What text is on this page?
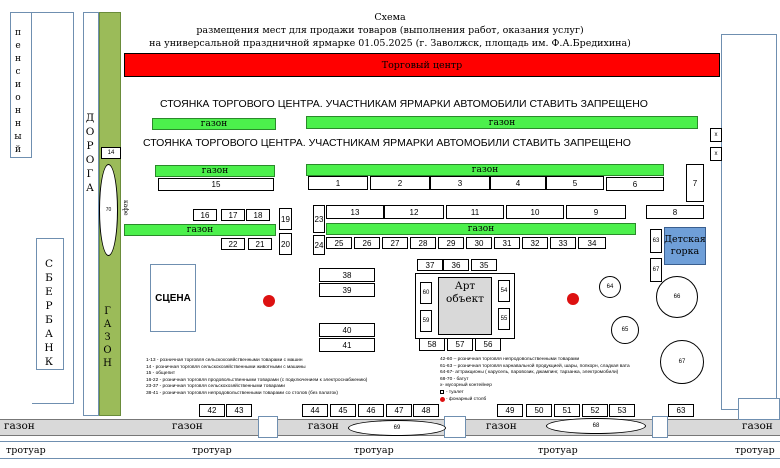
Схема
размещения мест для продажи товаров (выполнения работ, оказания услуг)
на универсальной праздничной ярмарке 01.05.2025 (г. Заволжск, площадь им. Ф.А.Бредихина)
пенсионный
СБЕРБАНК
ДОРОГА
ГАЗОН
70
14
кафе
х
х
Торговый центр
СТОЯНКА ТОРГОВОГО ЦЕНТРА. УЧАСТНИКАМ ЯРМАРКИ АВТОМОБИЛИ СТАВИТЬ ЗАПРЕЩЕНО
газон	газон
СТОЯНКА ТОРГОВОГО ЦЕНТРА. УЧАСТНИКАМ ЯРМАРКИ АВТОМОБИЛИ СТАВИТЬ ЗАПРЕЩЕНО
газон	газон
15	1	2	3	4	5	6	7
16 17 18 19	23
13	12	11	10	9	8
газон	газон
22 21 20	24 25 26 27 28 29 30 31 32 33	34	63 Детская горка
67
СЦЕНА
37 36 35
38
39	60
59
Арт объект
54
55
40
41	58 57 56
64
66
65
67
1-13 - розничная торговля сельскохозяйственными товарами с машин
14 - розничная торговля сельскохозяйственными животными с машины
15 - общепит
16-22 - розничная торговля продовольственными товарами (с подключением к электроснабжению)
23-37 - розничная торговля сельскохозяйственными товарами
38-41 - розничная торговля непродовольственными товарами со столов (без палаток)
42-60 – розничная торговля непродовольственными товарами
61-63 – розничная торговля карнавальной продукцией, шары, попкорн, сладкая вата
64-67- аттракционы ( карусель, паровозик, джампинг, тарзанка, электромобили)
68-70 - батут
х- мусорный контейнер
- туалет
- фонарный столб
42 43	44 45 46 47 48	49	50 51 52 53	63
газон	газон	газон	газон	газон
69	68
тротуар	тротуар	тротуар	тротуар	тротуар
